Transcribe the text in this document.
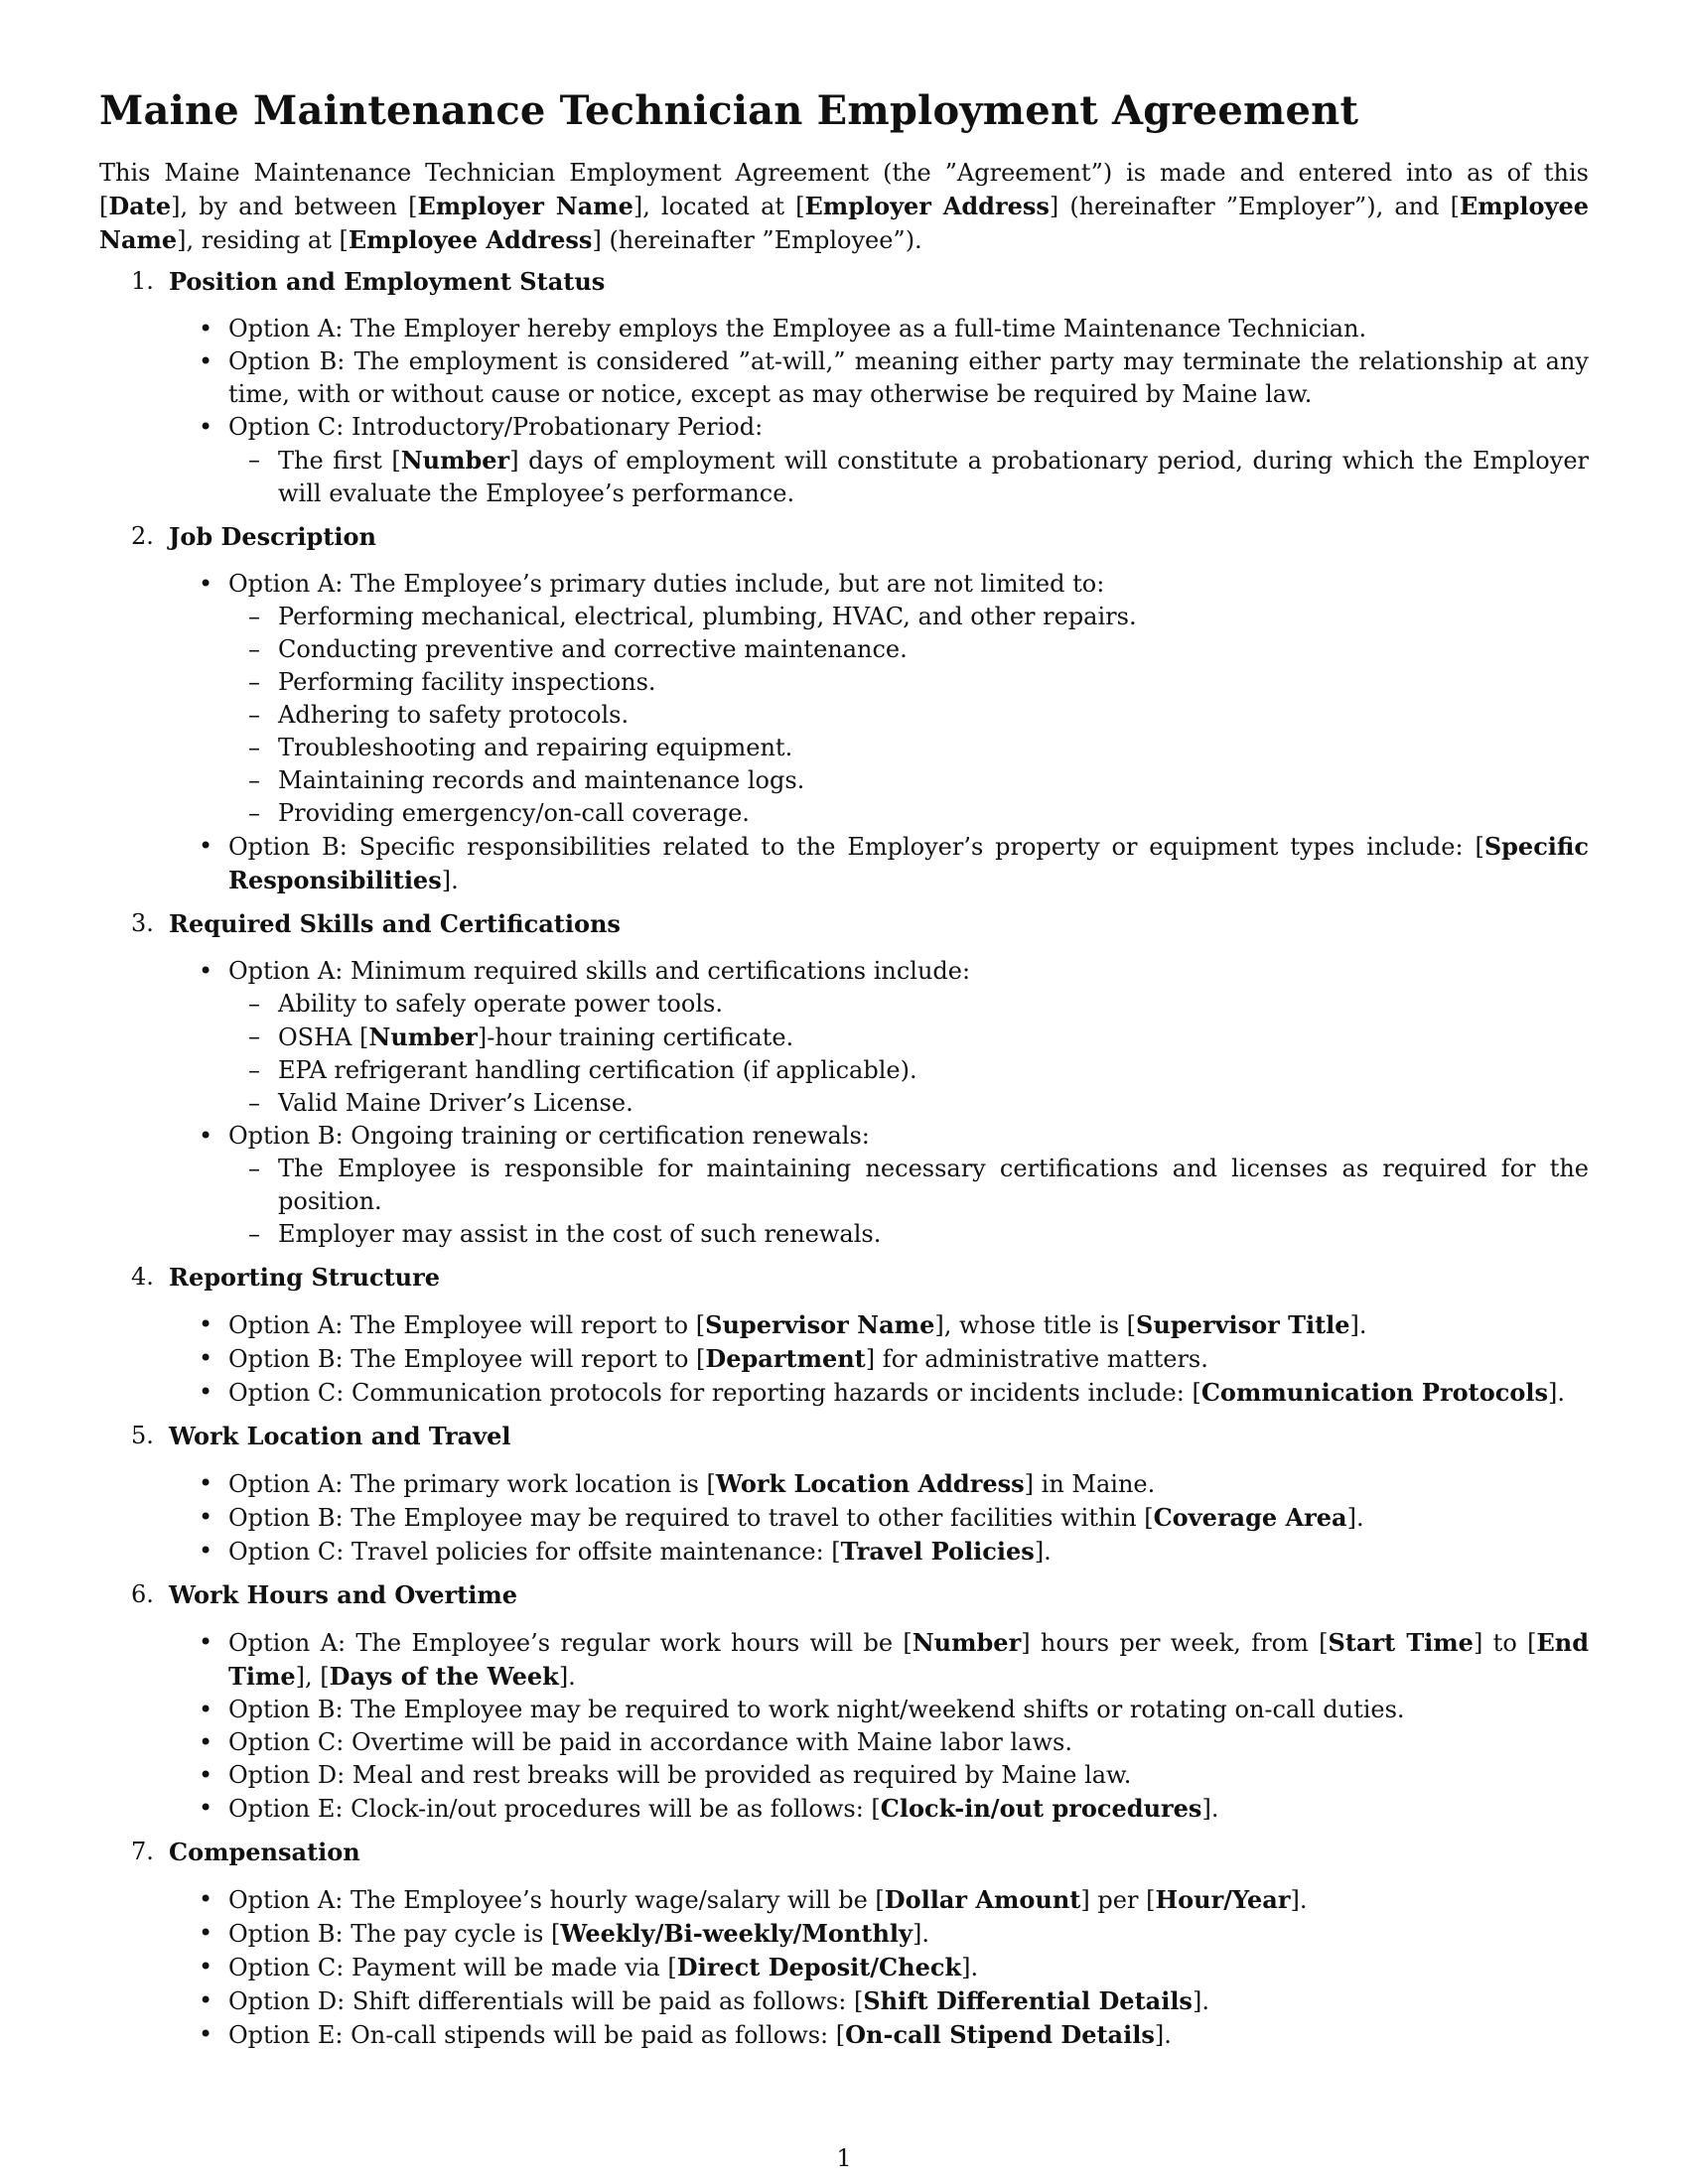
Maine Maintenance Technician Employment Agreement

This Maine Maintenance Technician Employment Agreement (the ”Agreement”) is made and entered into as of this [Date], by and between [Employer Name], located at [Employer Address] (hereinafter ”Employer”), and [Employee Name], residing at [Employee Address] (hereinafter ”Employee”).

1. Position and Employment Status
• Option A: The Employer hereby employs the Employee as a full-time Maintenance Technician.
• Option B: The employment is considered ”at-will,” meaning either party may terminate the relationship at any time, with or without cause or notice, except as may otherwise be required by Maine law.
• Option C: Introductory/Probationary Period:
– The first [Number] days of employment will constitute a probationary period, during which the Employer will evaluate the Employee’s performance.
2. Job Description
• Option A: The Employee’s primary duties include, but are not limited to:
– Performing mechanical, electrical, plumbing, HVAC, and other repairs.
– Conducting preventive and corrective maintenance.
– Performing facility inspections.
– Adhering to safety protocols.
– Troubleshooting and repairing equipment.
– Maintaining records and maintenance logs.
– Providing emergency/on-call coverage.
• Option B: Specific responsibilities related to the Employer’s property or equipment types include: [Specific Responsibilities].
3. Required Skills and Certifications
• Option A: Minimum required skills and certifications include:
– Ability to safely operate power tools.
– OSHA [Number]-hour training certificate.
– EPA refrigerant handling certification (if applicable).
– Valid Maine Driver’s License.
• Option B: Ongoing training or certification renewals:
– The Employee is responsible for maintaining necessary certifications and licenses as required for the position.
– Employer may assist in the cost of such renewals.
4. Reporting Structure
• Option A: The Employee will report to [Supervisor Name], whose title is [Supervisor Title].
• Option B: The Employee will report to [Department] for administrative matters.
• Option C: Communication protocols for reporting hazards or incidents include: [Communication Protocols].
5. Work Location and Travel
• Option A: The primary work location is [Work Location Address] in Maine.
• Option B: The Employee may be required to travel to other facilities within [Coverage Area].
• Option C: Travel policies for offsite maintenance: [Travel Policies].
6. Work Hours and Overtime
• Option A: The Employee’s regular work hours will be [Number] hours per week, from [Start Time] to [End Time], [Days of the Week].
• Option B: The Employee may be required to work night/weekend shifts or rotating on-call duties.
• Option C: Overtime will be paid in accordance with Maine labor laws.
• Option D: Meal and rest breaks will be provided as required by Maine law.
• Option E: Clock-in/out procedures will be as follows: [Clock-in/out procedures].
7. Compensation
• Option A: The Employee’s hourly wage/salary will be [Dollar Amount] per [Hour/Year].
• Option B: The pay cycle is [Weekly/Bi-weekly/Monthly].
• Option C: Payment will be made via [Direct Deposit/Check].
• Option D: Shift differentials will be paid as follows: [Shift Differential Details].
• Option E: On-call stipends will be paid as follows: [On-call Stipend Details].
1
